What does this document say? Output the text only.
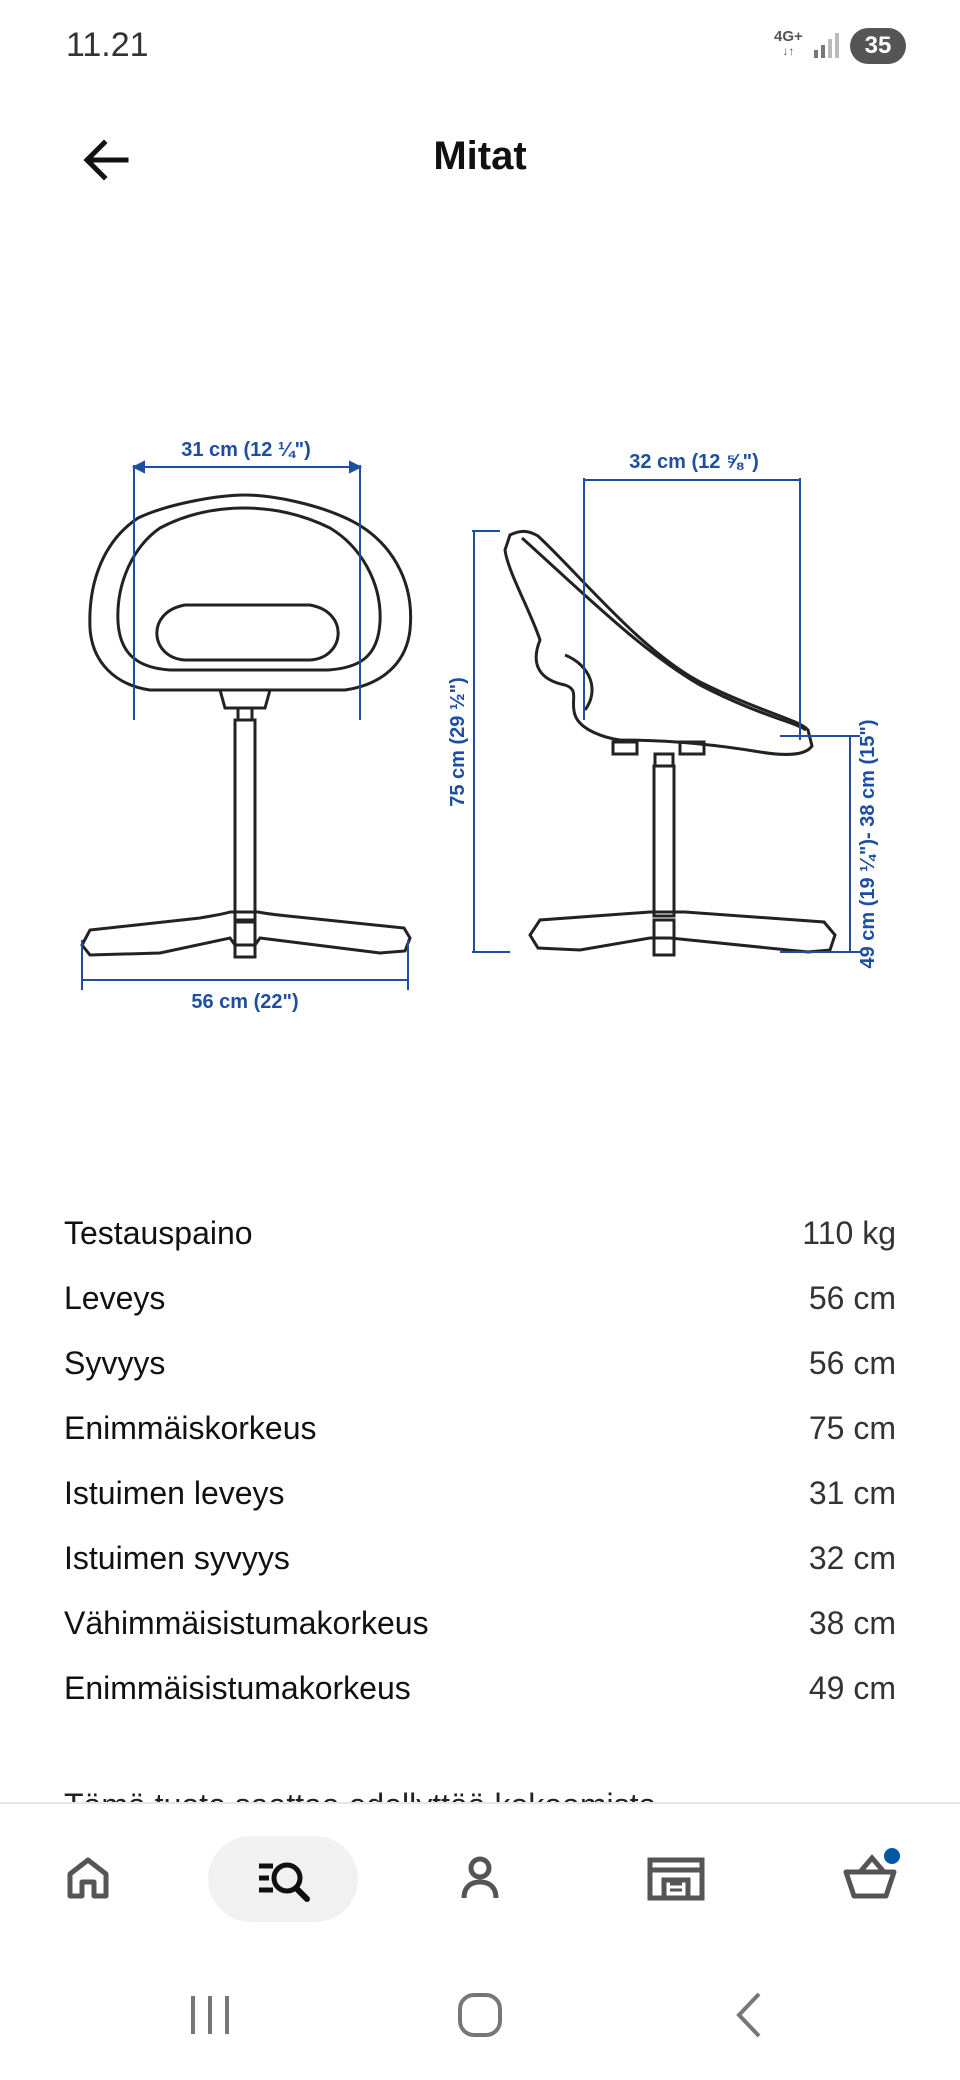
11.21	4G+
↓↑	35
Mitat
31 cm (12 ¼")
56 cm (22")
32 cm (12 ⅝")
75 cm (29 ½")	49 cm (19 ¼")- 38 cm (15")
Testauspaino	110 kg
Leveys	56 cm
Syvyys	56 cm
Enimmäiskorkeus	75 cm
Istuimen leveys	31 cm
Istuimen syvyys	32 cm
Vähimmäisistumakorkeus	38 cm
Enimmäisistumakorkeus	49 cm
